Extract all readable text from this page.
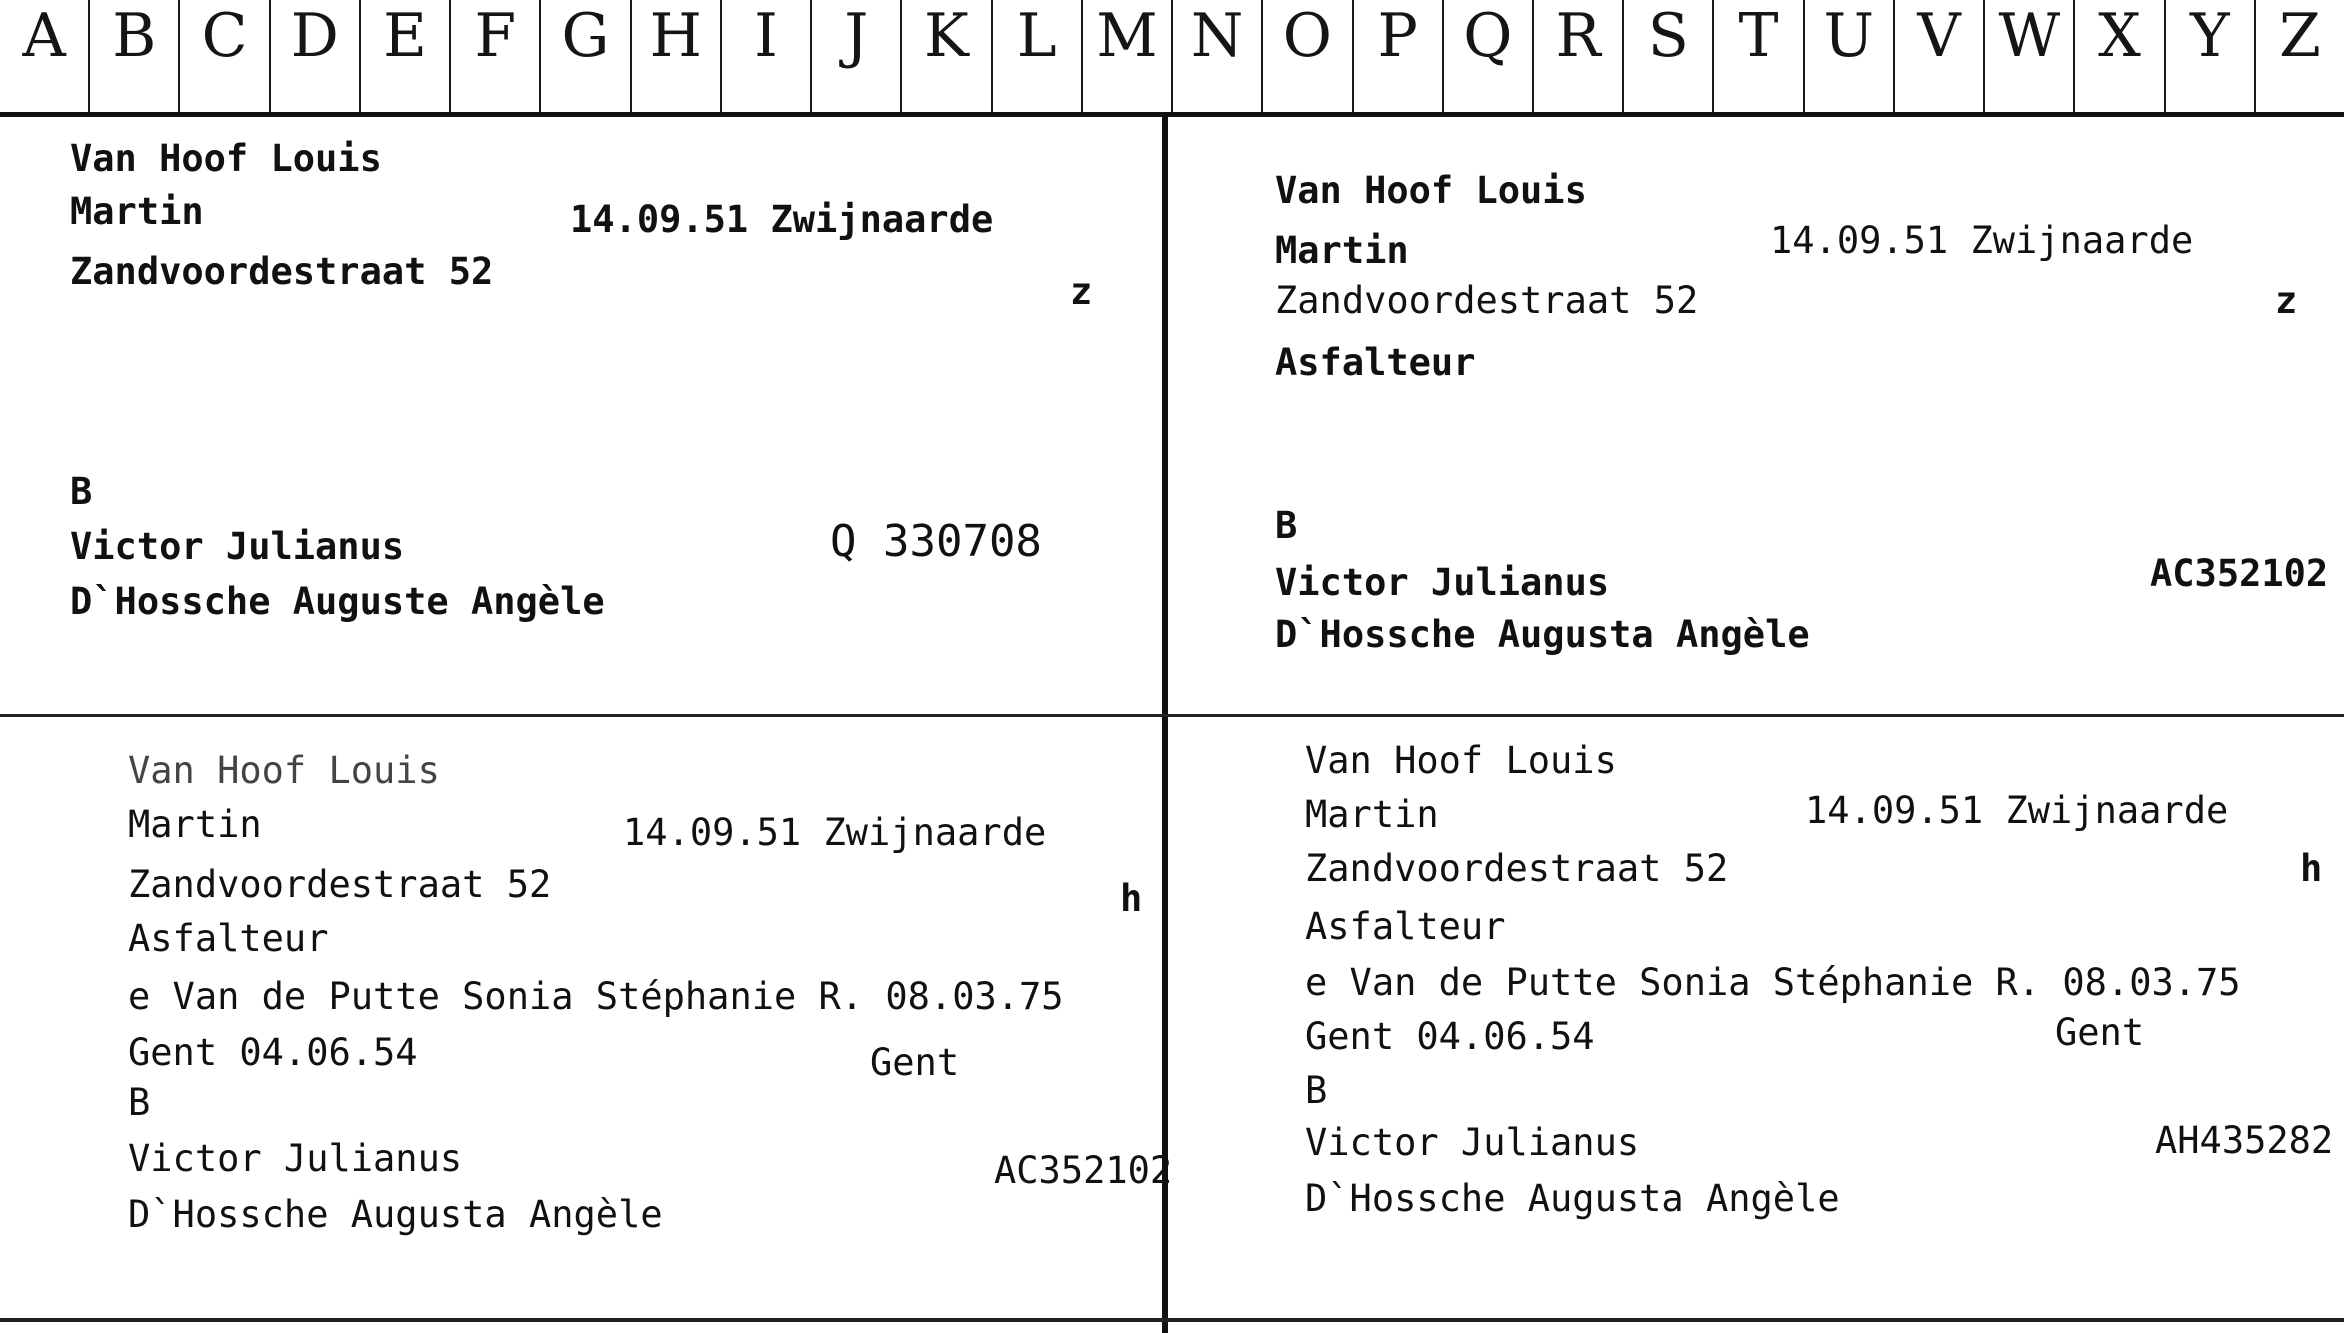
A B C D E F G H I	J K L M N O P Q R S T U V W X Y Z
Van Hoof Louis
Martin	14.09.51 Zwijnaarde
Zandvoordestraat 52	z
B
Victor Julianus	Q 330708
D`Hossche Auguste Angèle
Van Hoof Louis
Martin	14.09.51 Zwijnaarde
Zandvoordestraat 52	z
Asfalteur
B
Victor Julianus	AC352102
D`Hossche Augusta Angèle
Van Hoof Louis
Martin	14.09.51 Zwijnaarde
Zandvoordestraat 52	h
Asfalteur
e Van de Putte Sonia Stéphanie R. 08.03.75
Gent 04.06.54	Gent
B
Victor Julianus	AC352102
D`Hossche Augusta Angèle
Van Hoof Louis
Martin	14.09.51 Zwijnaarde
Zandvoordestraat 52	h
Asfalteur
e Van de Putte Sonia Stéphanie R. 08.03.75
Gent 04.06.54	Gent
B
Victor Julianus	AH435282
D`Hossche Augusta Angèle
